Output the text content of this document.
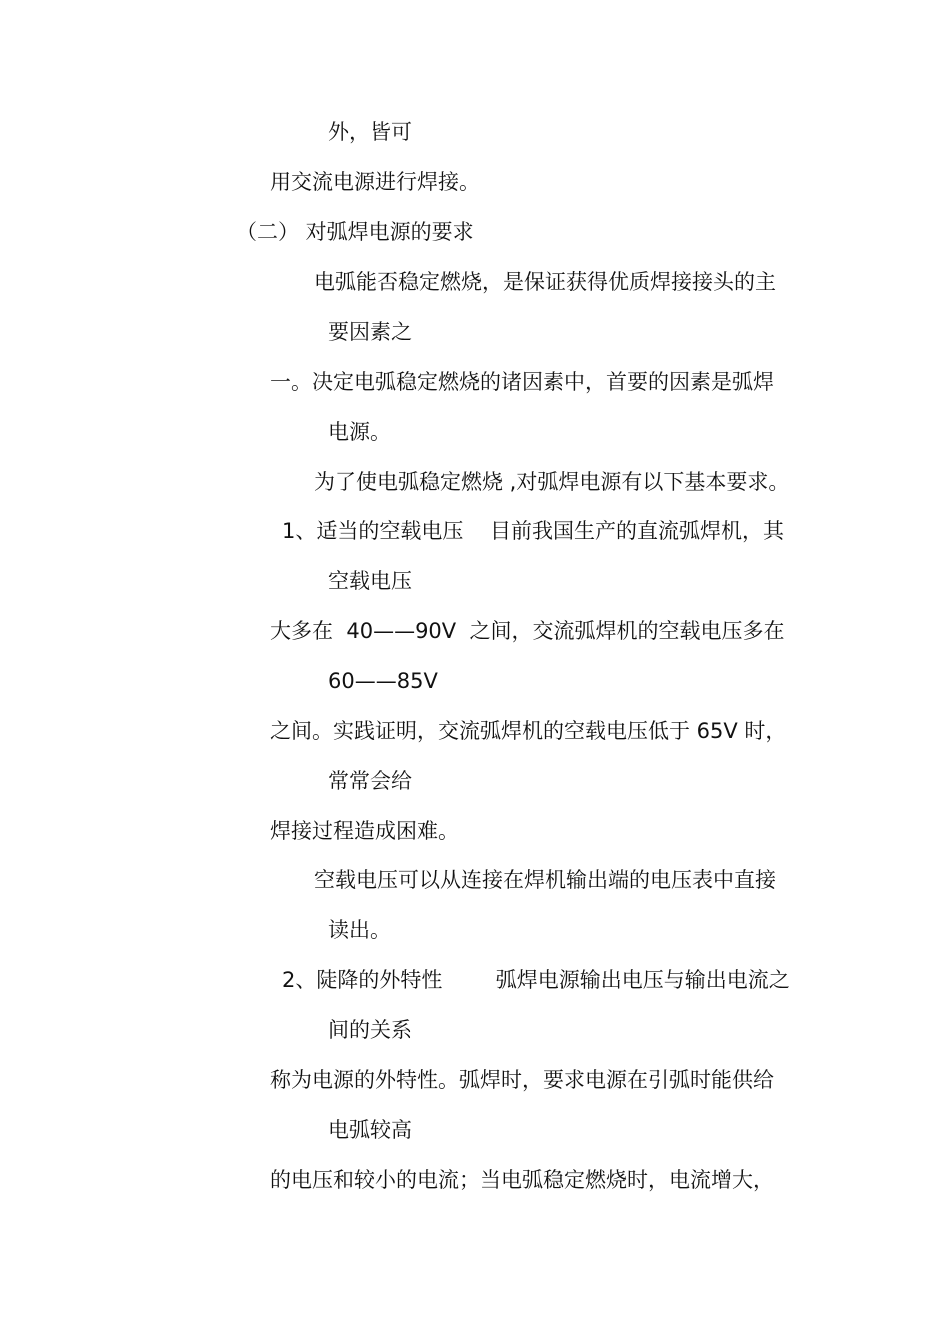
外，皆可
用交流电源进行焊接。
（二） 对弧焊电源的要求
电弧能否稳定燃烧，是保证获得优质焊接接头的主
要因素之
一。决定电弧稳定燃烧的诸因素中，首要的因素是弧焊
电源。
为了使电弧稳定燃烧 ,对弧焊电源有以下基本要求。
1、适当的空载电压    目前我国生产的直流弧焊机，其
空载电压
大多在  40——90V  之间，交流弧焊机的空载电压多在
60——85V
之间。实践证明，交流弧焊机的空载电压低于 65V 时，
常常会给
焊接过程造成困难。
空载电压可以从连接在焊机输出端的电压表中直接
读出。
2、陡降的外特性        弧焊电源输出电压与输出电流之
间的关系
称为电源的外特性。弧焊时，要求电源在引弧时能供给
电弧较高
的电压和较小的电流；当电弧稳定燃烧时，电流增大，
